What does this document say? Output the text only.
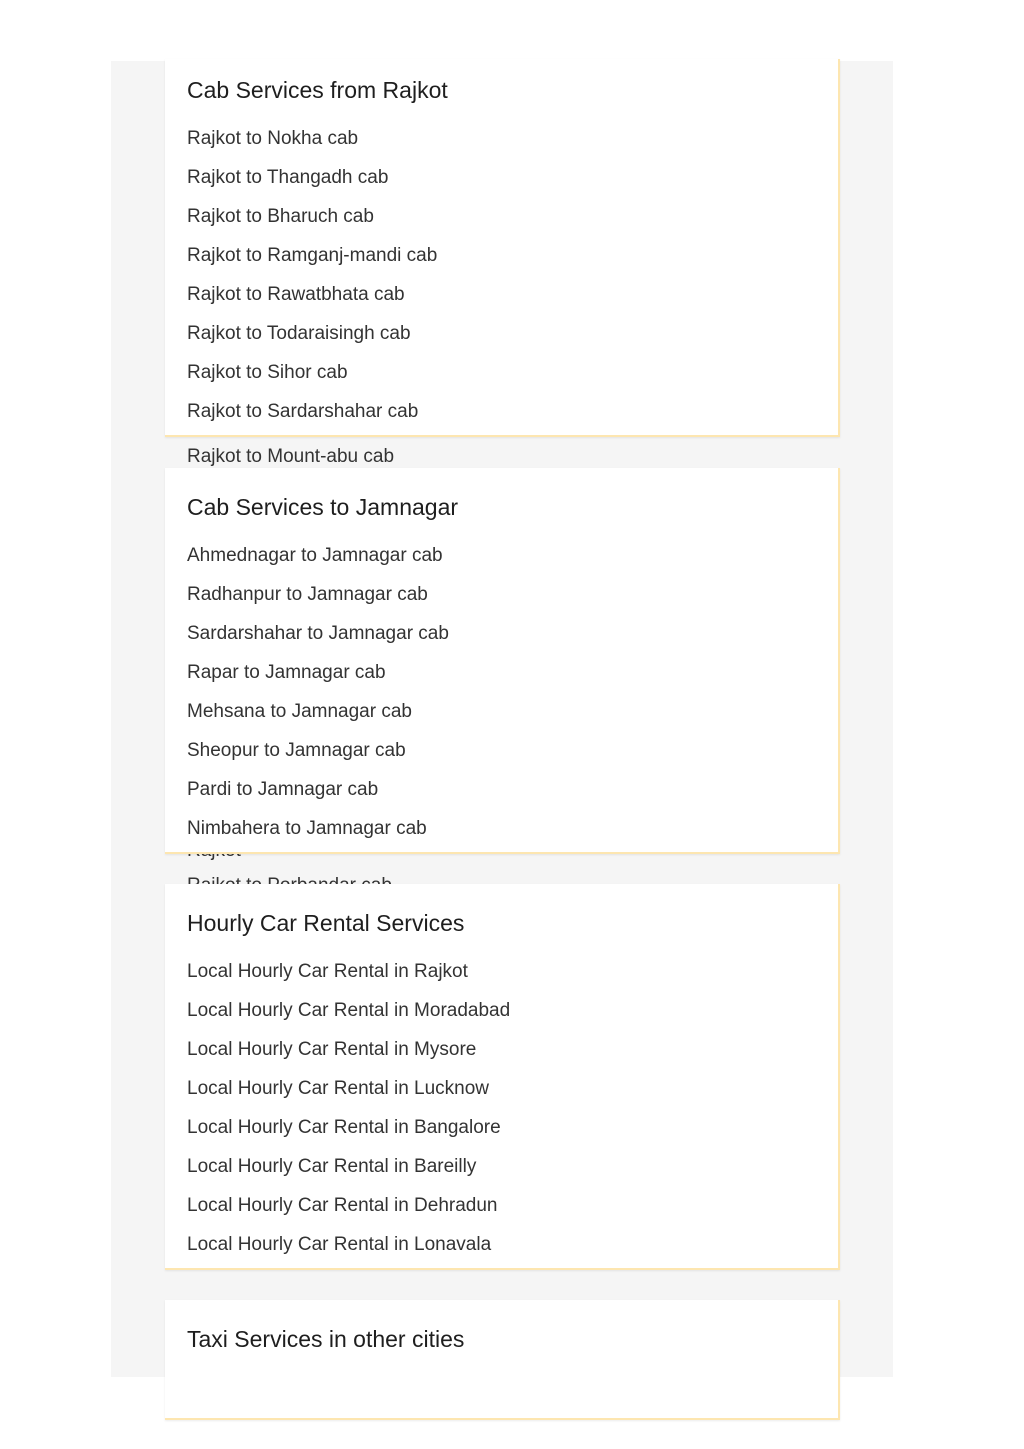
Rajkot to Mount-abu cab
Cab Services from Rajkot
Rajkot to Nokha cab
Rajkot to Thangadh cab
Rajkot to Bharuch cab
Rajkot to Ramganj-mandi cab
Rajkot to Rawatbhata cab
Rajkot to Todaraisingh cab
Rajkot to Sihor cab
Rajkot to Sardarshahar cab
Cab Services to Jamnagar
Ahmednagar to Jamnagar cab
Radhanpur to Jamnagar cab
Sardarshahar to Jamnagar cab
Rapar to Jamnagar cab
Mehsana to Jamnagar cab
Sheopur to Jamnagar cab
Pardi to Jamnagar cab
Nimbahera to Jamnagar cab
Hourly Car Rental Services
Local Hourly Car Rental in Rajkot
Local Hourly Car Rental in Moradabad
Local Hourly Car Rental in Mysore
Local Hourly Car Rental in Lucknow
Local Hourly Car Rental in Bangalore
Local Hourly Car Rental in Bareilly
Local Hourly Car Rental in Dehradun
Local Hourly Car Rental in Lonavala
Taxi Services in other cities
